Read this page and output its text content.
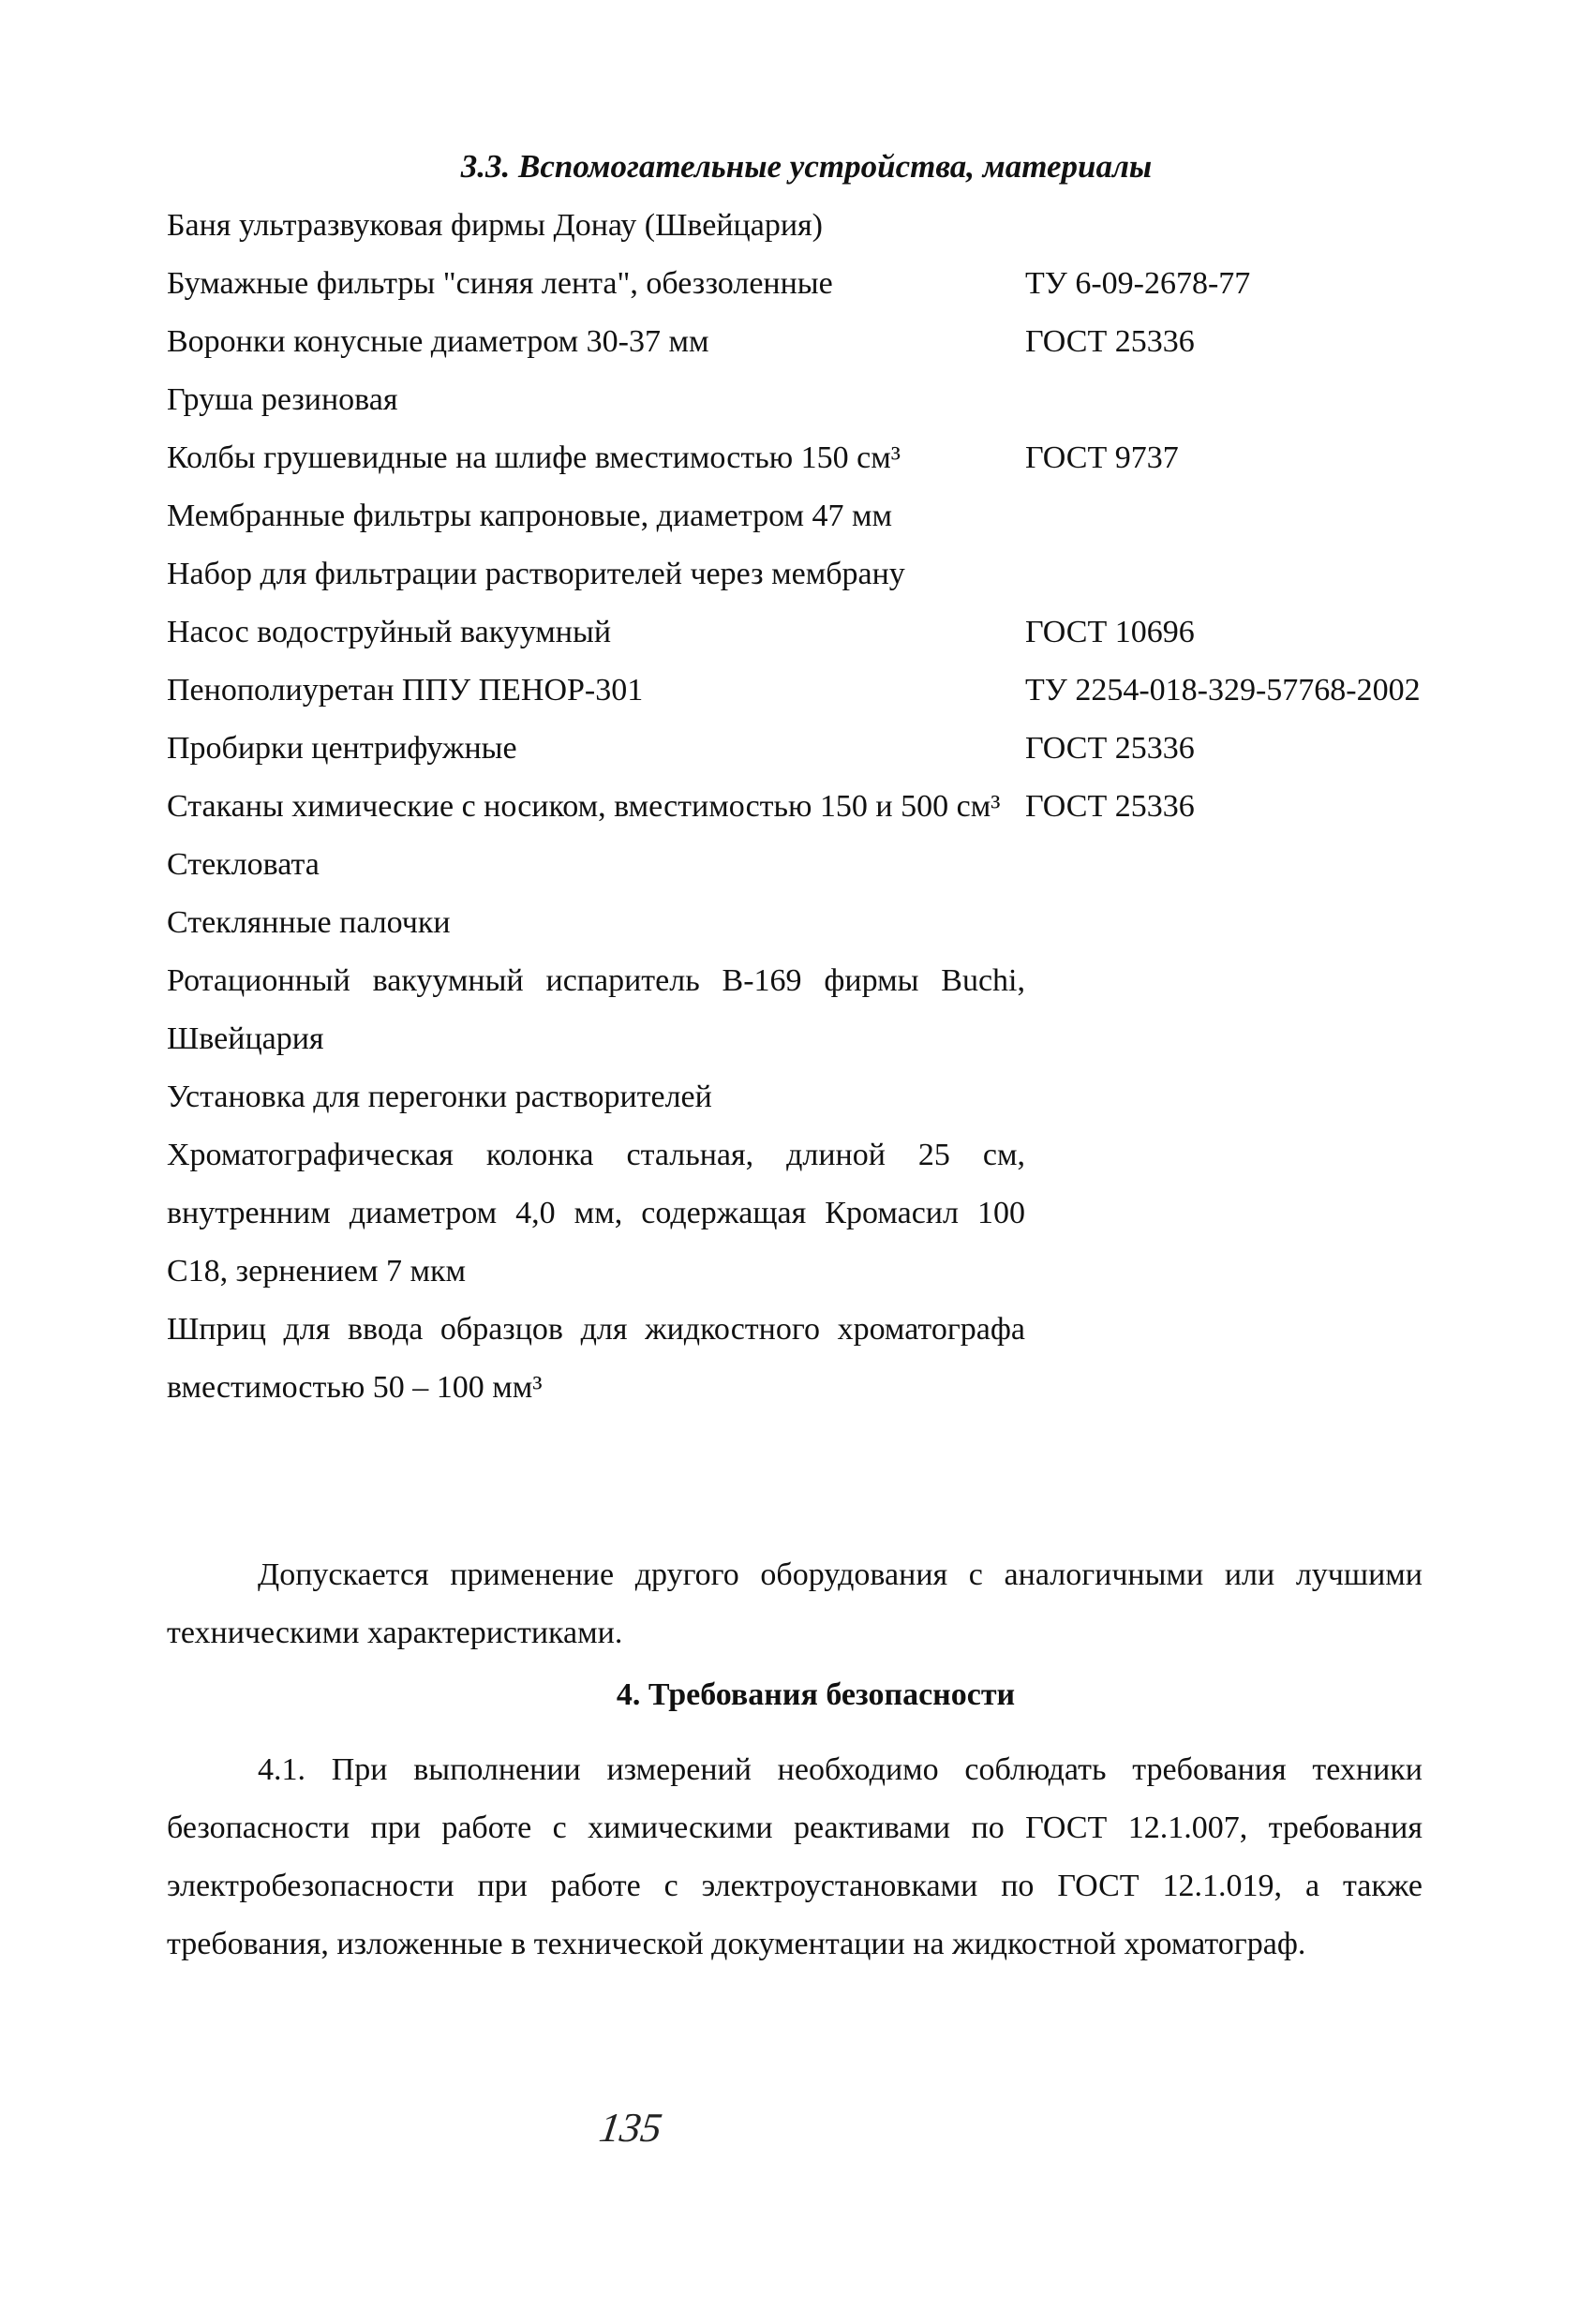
3.3. Вспомогательные устройства, материалы
Баня ультразвуковая фирмы Донау (Швейцария)
Бумажные фильтры "синяя лента", обеззоленные	ТУ 6-09-2678-77
Воронки конусные диаметром 30-37 мм	ГОСТ 25336
Груша резиновая
Колбы грушевидные на шлифе вместимостью 150 см³	ГОСТ 9737
Мембранные фильтры капроновые, диаметром 47 мм
Набор для фильтрации растворителей через мембрану
Насос водоструйный вакуумный	ГОСТ 10696
Пенополиуретан ППУ ПЕНОР-301	ТУ 2254-018-329-57768-2002
Пробирки центрифужные	ГОСТ 25336
Стаканы химические с носиком, вместимостью 150 и 500 см³ ГОСТ 25336
Стекловата
Стеклянные палочки
Ротационный вакуумный испаритель В-169 фирмы Buchi, Швейцария
Установка для перегонки растворителей
Хроматографическая колонка стальная, длиной 25 см, внутренним диаметром 4,0 мм, содержащая Кромасил 100 С18, зернением 7 мкм
Шприц для ввода образцов для жидкостного хроматографа вместимостью 50 – 100 мм³

Допускается применение другого оборудования с аналогичными или лучшими техническими характеристиками.

4. Требования безопасности

4.1. При выполнении измерений необходимо соблюдать требования техники безопасности при работе с химическими реактивами по ГОСТ 12.1.007, требования электробезопасности при работе с электроустановками по ГОСТ 12.1.019, а также требования, изложенные в технической документации на жидкостной хроматограф.

135
